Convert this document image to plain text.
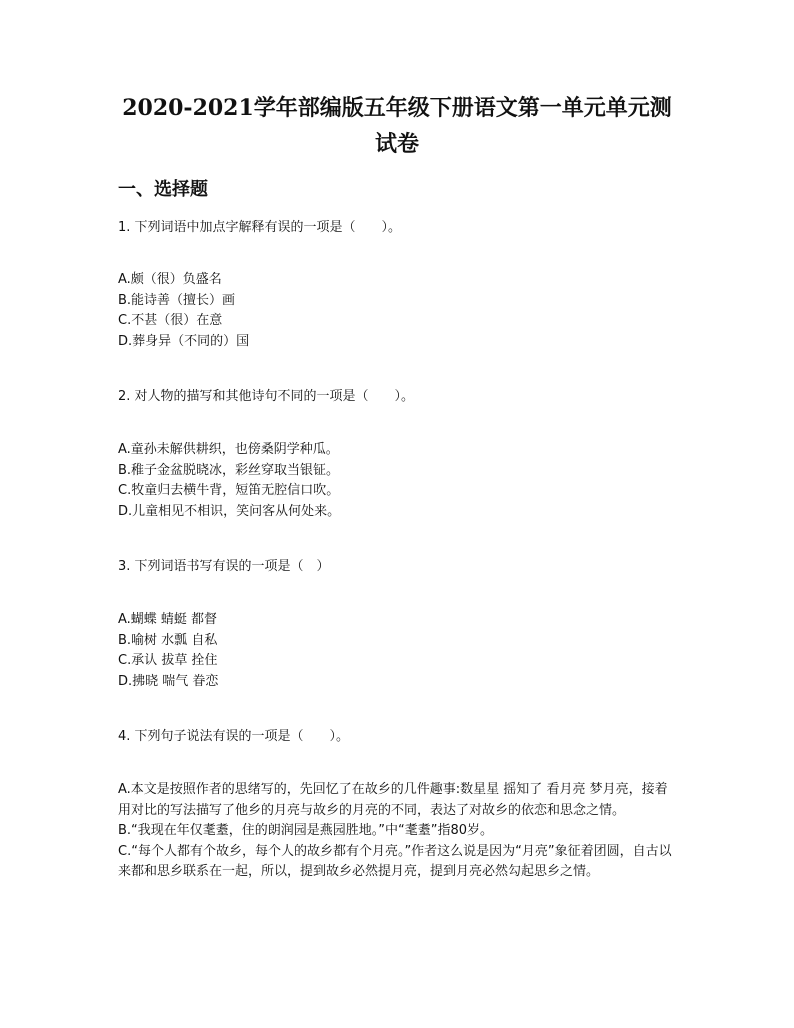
2020-2021学年部编版五年级下册语文第一单元单元测
试卷
一、选择题
1. 下列词语中加点字解释有误的一项是（　　）。
A.颇（很）负盛名
B.能诗善（擅长）画
C.不甚（很）在意
D.葬身异（不同的）国
2. 对人物的描写和其他诗句不同的一项是（　　）。
A.童孙未解供耕织，也傍桑阴学种瓜。
B.稚子金盆脱晓冰，彩丝穿取当银钲。
C.牧童归去横牛背，短笛无腔信口吹。
D.儿童相见不相识，笑问客从何处来。
3. 下列词语书写有误的一项是（　）
A.蝴蝶 蜻蜓 都督
B.喻树 水瓢 自私
C.承认 拔草 拴住
D.拂晓 喘气 眷恋
4. 下列句子说法有误的一项是（　　）。
A.本文是按照作者的思绪写的，先回忆了在故乡的几件趣事:数星星 摇知了 看月亮 梦月亮，接着用对比的写法描写了他乡的月亮与故乡的月亮的不同，表达了对故乡的依恋和思念之情。
B.“我现在年仅耄耋，住的朗润园是燕园胜地。”中“耄耋”指80岁。
C.“每个人都有个故乡，每个人的故乡都有个月亮。”作者这么说是因为“月亮”象征着团圆，自古以来都和思乡联系在一起，所以，提到故乡必然提月亮，提到月亮必然勾起思乡之情。
